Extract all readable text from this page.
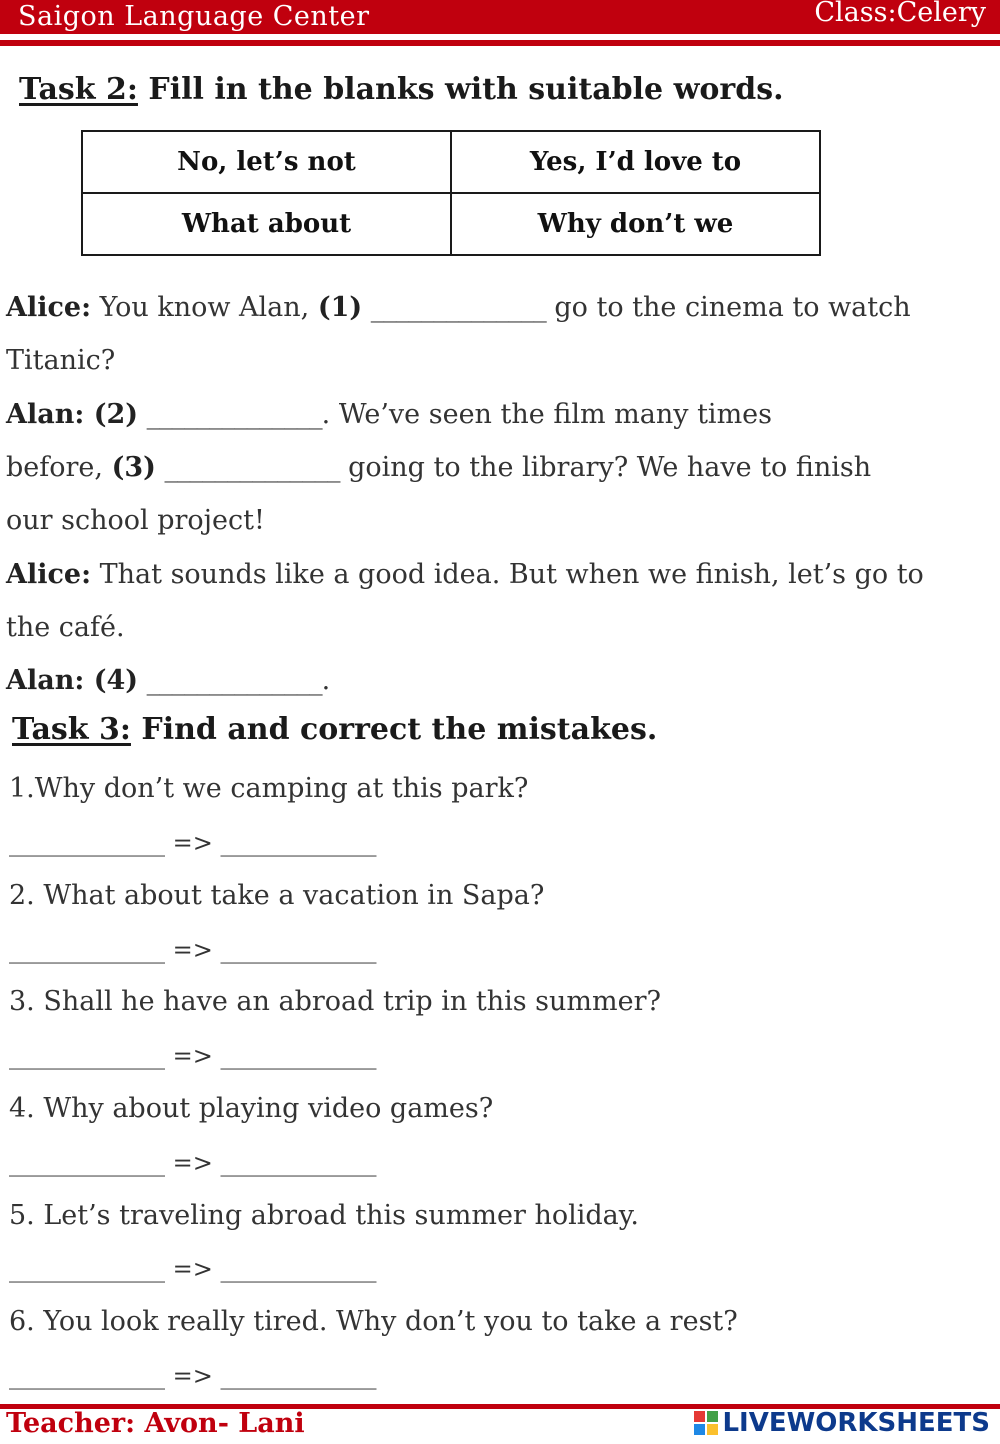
Saigon Language Center	Class:Celery
Task 2: Fill in the blanks with suitable words.
No, let’s not	Yes, I’d love to
What about	Why don’t we
Alice: You know Alan, (1) ______________ go to the cinema to watch
Titanic?
Alan: (2) ______________. We’ve seen the film many times
before, (3) ______________ going to the library? We have to finish
our school project!
Alice: That sounds like a good idea. But when we finish, let’s go to
the café.
Alan: (4) ______________.
Task 3: Find and correct the mistakes.
1.Why don’t we camping at this park?
_____________ => _____________
2. What about take a vacation in Sapa?
_____________ => _____________
3. Shall he have an abroad trip in this summer?
_____________ => _____________
4. Why about playing video games?
_____________ => _____________
5. Let’s traveling abroad this summer holiday.
_____________ => _____________
6. You look really tired. Why don’t you to take a rest?
_____________ => _____________
Teacher: Avon- Lani	LIVEWORKSHEETS
